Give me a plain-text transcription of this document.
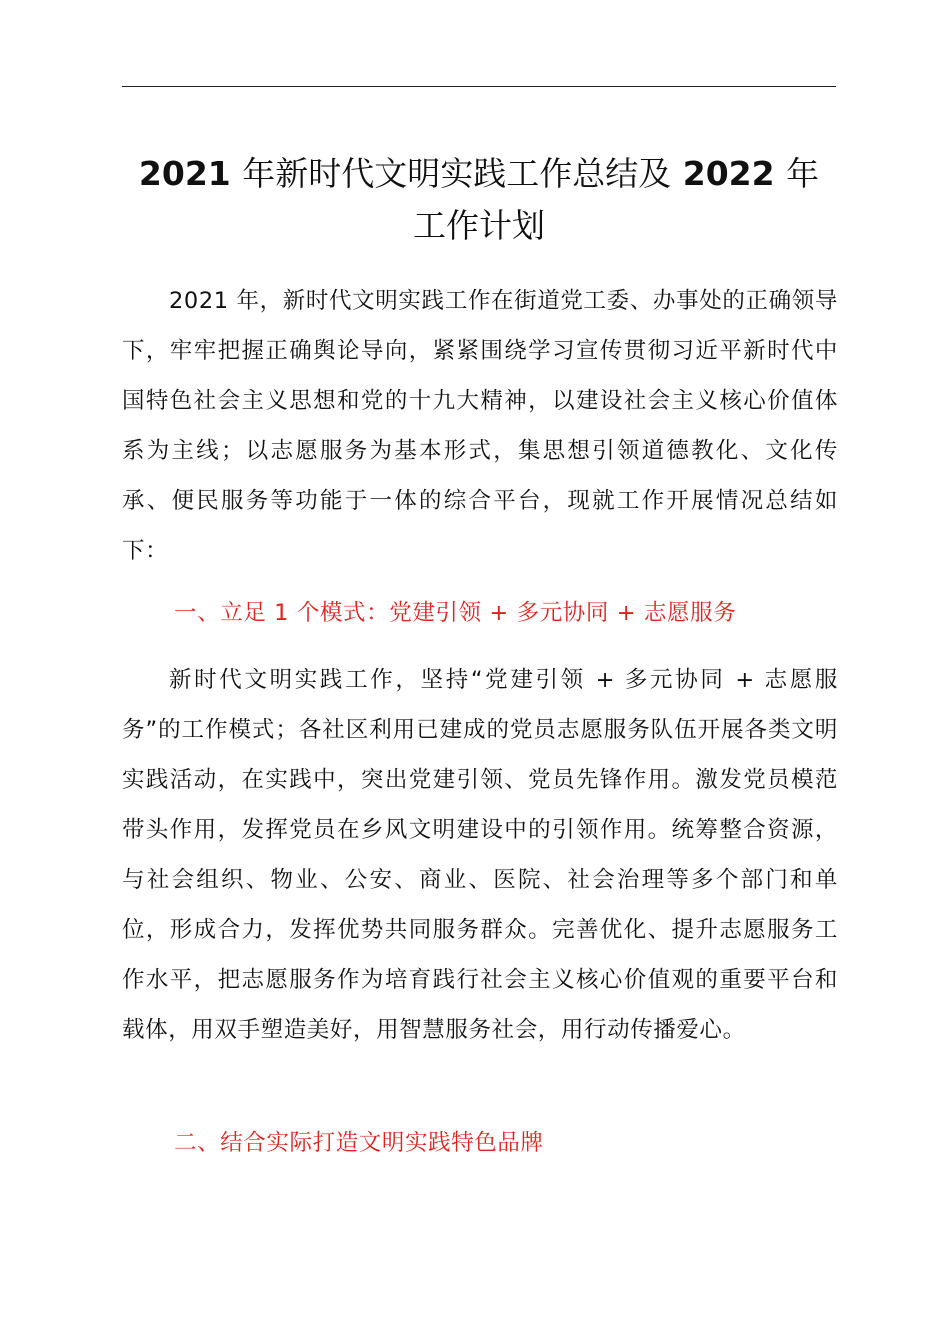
2021 年新时代文明实践工作总结及 2022 年
工作计划

2021 年，新时代文明实践工作在街道党工委、办事处的正确领导下，牢牢把握正确舆论导向，紧紧围绕学习宣传贯彻习近平新时代中国特色社会主义思想和党的十九大精神，以建设社会主义核心价值体系为主线；以志愿服务为基本形式，集思想引领道德教化、文化传承、便民服务等功能于一体的综合平台，现就工作开展情况总结如下：

一、立足 1 个模式：党建引领 + 多元协同 + 志愿服务

新时代文明实践工作，坚持“党建引领 + 多元协同 + 志愿服务”的工作模式；各社区利用已建成的党员志愿服务队伍开展各类文明实践活动，在实践中，突出党建引领、党员先锋作用。激发党员模范带头作用，发挥党员在乡风文明建设中的引领作用。统筹整合资源，与社会组织、物业、公安、商业、医院、社会治理等多个部门和单位，形成合力，发挥优势共同服务群众。完善优化、提升志愿服务工作水平，把志愿服务作为培育践行社会主义核心价值观的重要平台和载体，用双手塑造美好，用智慧服务社会，用行动传播爱心。

二、结合实际打造文明实践特色品牌
